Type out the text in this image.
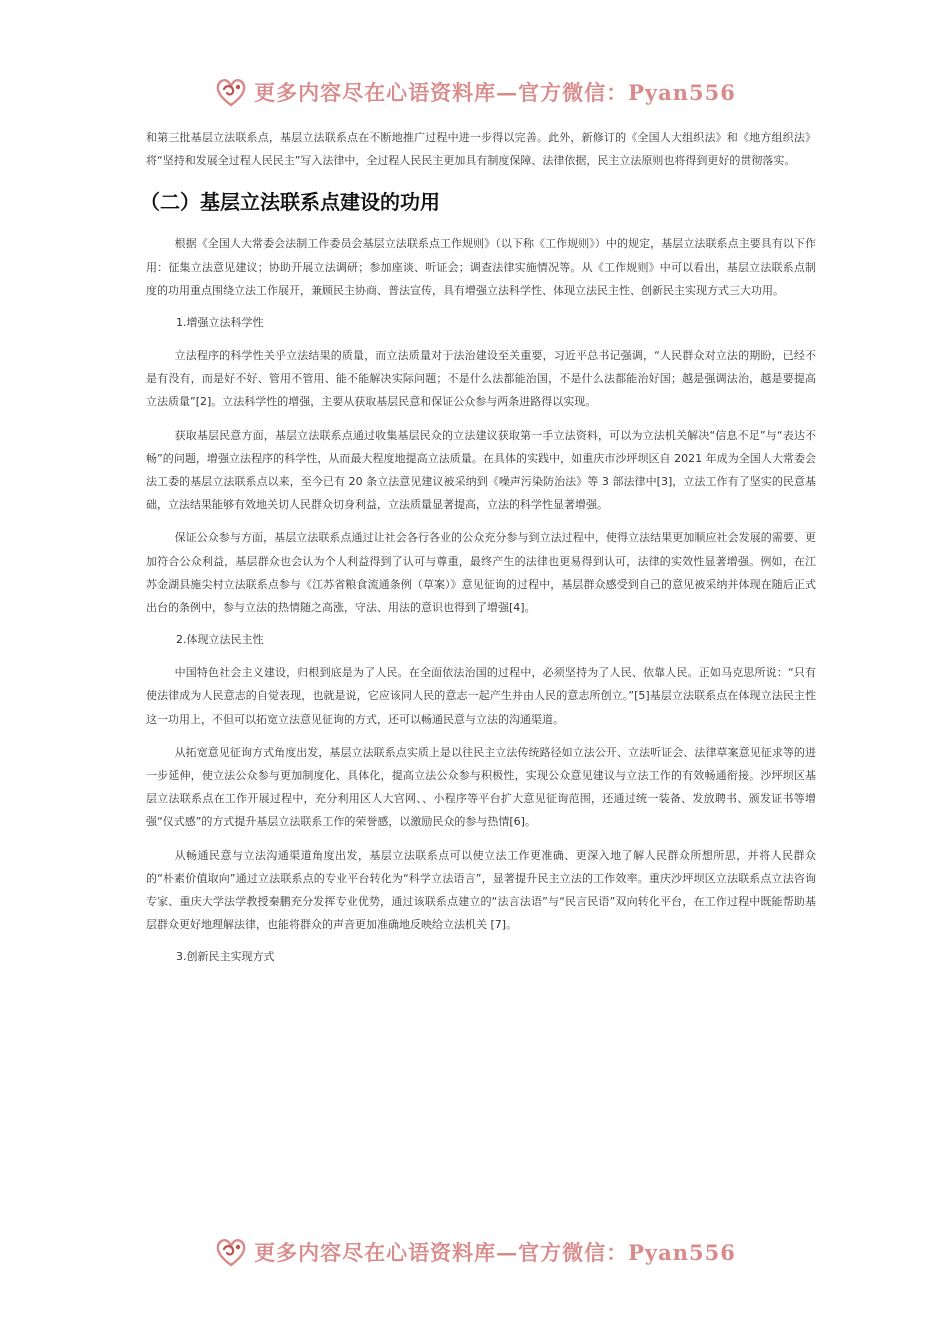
更多内容尽在心语资料库—官方微信：Pyan556

和第三批基层立法联系点，基层立法联系点在不断地推广过程中进一步得以完善。此外，新修订的《全国人大组织法》和《地方组织法》将“坚持和发展全过程人民民主”写入法律中，全过程人民民主更加具有制度保障、法律依据，民主立法原则也将得到更好的贯彻落实。

（二）基层立法联系点建设的功用

根据《全国人大常委会法制工作委员会基层立法联系点工作规则》（以下称《工作规则》）中的规定，基层立法联系点主要具有以下作用：征集立法意见建议；协助开展立法调研；参加座谈、听证会；调查法律实施情况等。从《工作规则》中可以看出，基层立法联系点制度的功用重点围绕立法工作展开，兼顾民主协商、普法宣传，具有增强立法科学性、体现立法民主性、创新民主实现方式三大功用。

1.增强立法科学性

立法程序的科学性关乎立法结果的质量，而立法质量对于法治建设至关重要，习近平总书记强调，“人民群众对立法的期盼，已经不是有没有，而是好不好、管用不管用、能不能解决实际问题；不是什么法都能治国，不是什么法都能治好国；越是强调法治，越是要提高立法质量”[2]。立法科学性的增强，主要从获取基层民意和保证公众参与两条进路得以实现。

获取基层民意方面，基层立法联系点通过收集基层民众的立法建议获取第一手立法资料，可以为立法机关解决“信息不足”与“表达不畅”的问题，增强立法程序的科学性，从而最大程度地提高立法质量。在具体的实践中，如重庆市沙坪坝区自 2021 年成为全国人大常委会法工委的基层立法联系点以来，至今已有 20 条立法意见建议被采纳到《噪声污染防治法》等 3 部法律中[3]，立法工作有了坚实的民意基础，立法结果能够有效地关切人民群众切身利益，立法质量显著提高，立法的科学性显著增强。

保证公众参与方面，基层立法联系点通过让社会各行各业的公众充分参与到立法过程中，使得立法结果更加顺应社会发展的需要、更加符合公众利益，基层群众也会认为个人利益得到了认可与尊重，最终产生的法律也更易得到认可，法律的实效性显著增强。例如，在江苏金湖县施尖村立法联系点参与《江苏省粮食流通条例（草案）》意见征询的过程中，基层群众感受到自己的意见被采纳并体现在随后正式出台的条例中，参与立法的热情随之高涨，守法、用法的意识也得到了增强[4]。

2.体现立法民主性

中国特色社会主义建设，归根到底是为了人民。在全面依法治国的过程中，必须坚持为了人民、依靠人民。正如马克思所说：“只有使法律成为人民意志的自觉表现，也就是说，它应该同人民的意志一起产生并由人民的意志所创立。”[5]基层立法联系点在体现立法民主性这一功用上，不但可以拓宽立法意见征询的方式，还可以畅通民意与立法的沟通渠道。

从拓宽意见征询方式角度出发，基层立法联系点实质上是以往民主立法传统路径如立法公开、立法听证会、法律草案意见征求等的进一步延伸，使立法公众参与更加制度化、具体化，提高立法公众参与积极性，实现公众意见建议与立法工作的有效畅通衔接。沙坪坝区基层立法联系点在工作开展过程中，充分利用区人大官网、、小程序等平台扩大意见征询范围，还通过统一装备、发放聘书、颁发证书等增强“仪式感”的方式提升基层立法联系工作的荣誉感，以激励民众的参与热情[6]。

从畅通民意与立法沟通渠道角度出发，基层立法联系点可以使立法工作更准确、更深入地了解人民群众所想所思，并将人民群众的“朴素价值取向”通过立法联系点的专业平台转化为“科学立法语言”，显著提升民主立法的工作效率。重庆沙坪坝区立法联系点立法咨询专家、重庆大学法学教授秦鹏充分发挥专业优势，通过该联系点建立的“法言法语”与“民言民语”双向转化平台，在工作过程中既能帮助基层群众更好地理解法律，也能将群众的声音更加准确地反映给立法机关 [7]。

3.创新民主实现方式
更多内容尽在心语资料库—官方微信：Pyan556
